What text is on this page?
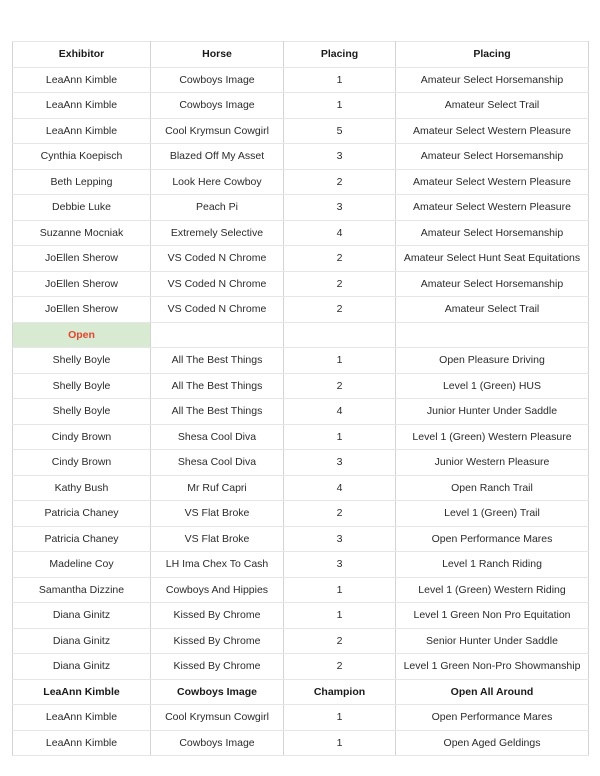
Exhibitor	Horse	Placing	Placing
LeaAnn Kimble	Cowboys Image	1	Amateur Select Horsemanship
LeaAnn Kimble	Cowboys Image	1	Amateur Select Trail
LeaAnn Kimble	Cool Krymsun Cowgirl	5	Amateur Select Western Pleasure
Cynthia Koepisch	Blazed Off My Asset	3	Amateur Select Horsemanship
Beth Lepping	Look Here Cowboy	2	Amateur Select Western Pleasure
Debbie Luke	Peach Pi	3	Amateur Select Western Pleasure
Suzanne Mocniak	Extremely Selective	4	Amateur Select Horsemanship
JoEllen Sherow	VS Coded N Chrome	2	Amateur Select Hunt Seat Equitations
JoEllen Sherow	VS Coded N Chrome	2	Amateur Select Horsemanship
JoEllen Sherow	VS Coded N Chrome	2	Amateur Select Trail
Open			
Shelly Boyle	All The Best Things	1	Open Pleasure Driving
Shelly Boyle	All The Best Things	2	Level 1 (Green) HUS
Shelly Boyle	All The Best Things	4	Junior Hunter Under Saddle
Cindy Brown	Shesa Cool Diva	1	Level 1 (Green) Western Pleasure
Cindy Brown	Shesa Cool Diva	3	Junior Western Pleasure
Kathy Bush	Mr Ruf Capri	4	Open Ranch Trail
Patricia Chaney	VS Flat Broke	2	Level 1 (Green) Trail
Patricia Chaney	VS Flat Broke	3	Open Performance Mares
Madeline Coy	LH Ima Chex To Cash	3	Level 1 Ranch Riding
Samantha Dizzine	Cowboys And Hippies	1	Level 1 (Green) Western Riding
Diana Ginitz	Kissed By Chrome	1	Level 1 Green Non Pro Equitation
Diana Ginitz	Kissed By Chrome	2	Senior Hunter Under Saddle
Diana Ginitz	Kissed By Chrome	2	Level 1 Green Non-Pro Showmanship
LeaAnn Kimble	Cowboys Image	Champion	Open All Around
LeaAnn Kimble	Cool Krymsun Cowgirl	1	Open Performance Mares
LeaAnn Kimble	Cowboys Image	1	Open Aged Geldings
